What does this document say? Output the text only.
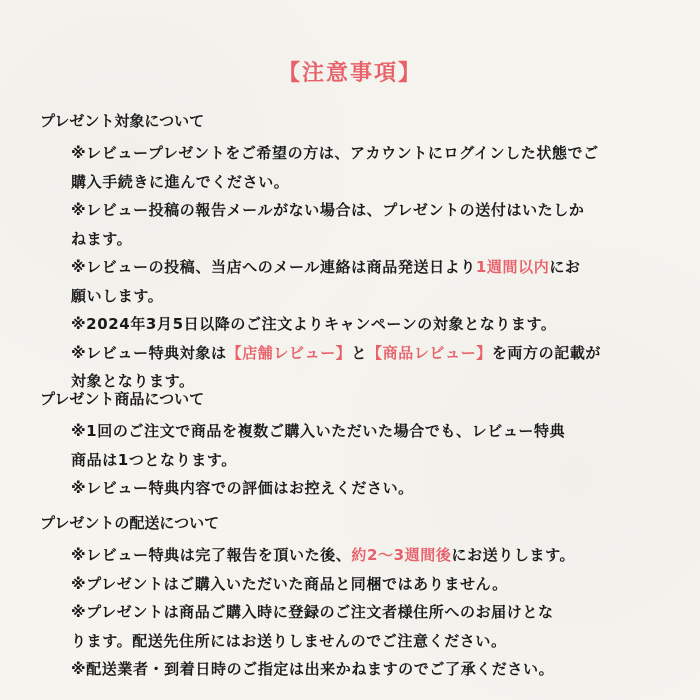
【注意事項】
プレゼント対象について
※レビュープレゼントをご希望の方は、アカウントにログインした状態でご
購入手続きに進んでください。
※レビュー投稿の報告メールがない場合は、プレゼントの送付はいたしか
ねます。
※レビューの投稿、当店へのメール連絡は商品発送日より1週間以内にお
願いします。
※2024年3月5日以降のご注文よりキャンペーンの対象となります。
※レビュー特典対象は【店舗レビュー】と【商品レビュー】を両方の記載が
対象となります。
プレゼント商品について
※1回のご注文で商品を複数ご購入いただいた場合でも、レビュー特典
商品は1つとなります。
※レビュー特典内容での評価はお控えください。
プレゼントの配送について
※レビュー特典は完了報告を頂いた後、約2～3週間後にお送りします。
※プレゼントはご購入いただいた商品と同梱ではありません。
※プレゼントは商品ご購入時に登録のご注文者様住所へのお届けとな
ります。配送先住所にはお送りしませんのでご注意ください。
※配送業者・到着日時のご指定は出来かねますのでご了承ください。
